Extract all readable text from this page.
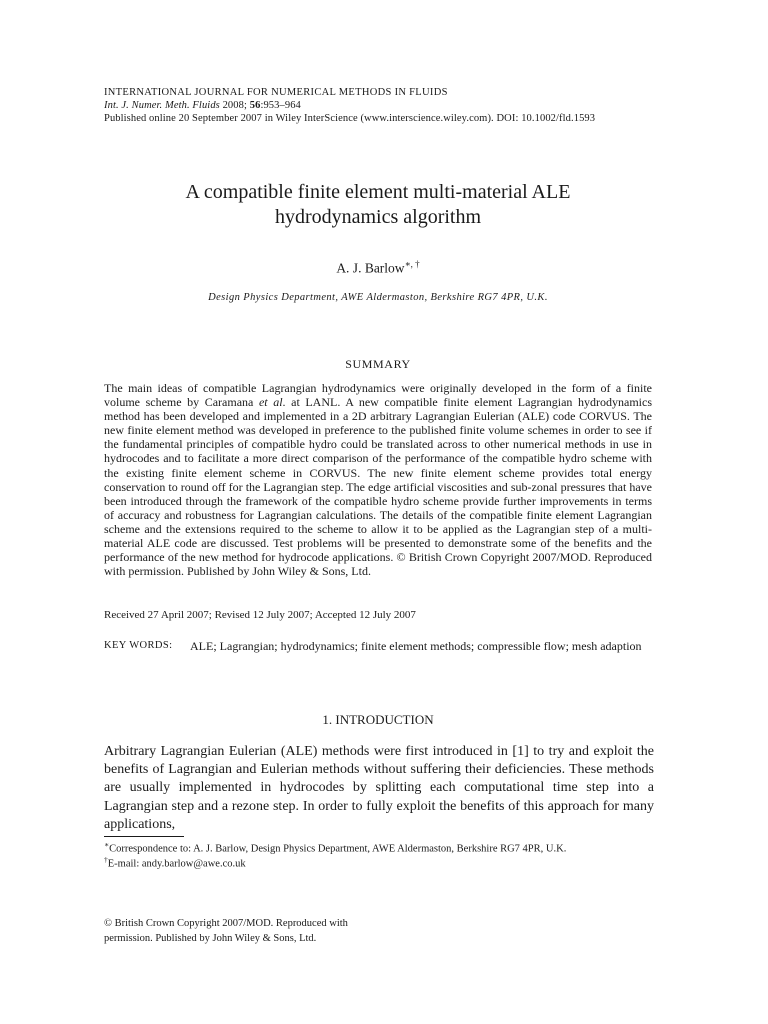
INTERNATIONAL JOURNAL FOR NUMERICAL METHODS IN FLUIDS
Int. J. Numer. Meth. Fluids 2008; 56:953–964
Published online 20 September 2007 in Wiley InterScience (www.interscience.wiley.com). DOI: 10.1002/fld.1593
A compatible finite element multi-material ALE
hydrodynamics algorithm
A. J. Barlow∗, †
Design Physics Department, AWE Aldermaston, Berkshire RG7 4PR, U.K.
SUMMARY

The main ideas of compatible Lagrangian hydrodynamics were originally developed in the form of a finite volume scheme by Caramana et al. at LANL. A new compatible finite element Lagrangian hydrodynamics method has been developed and implemented in a 2D arbitrary Lagrangian Eulerian (ALE) code CORVUS. The new finite element method was developed in preference to the published finite volume schemes in order to see if the fundamental principles of compatible hydro could be translated across to other numerical methods in use in hydrocodes and to facilitate a more direct comparison of the performance of the compatible hydro scheme with the existing finite element scheme in CORVUS. The new finite element scheme provides total energy conservation to round off for the Lagrangian step. The edge artificial viscosities and sub-zonal pressures that have been introduced through the framework of the compatible hydro scheme provide further improvements in terms of accuracy and robustness for Lagrangian calculations. The details of the compatible finite element Lagrangian scheme and the extensions required to the scheme to allow it to be applied as the Lagrangian step of a multi-material ALE code are discussed. Test problems will be presented to demonstrate some of the benefits and the performance of the new method for hydrocode applications. © British Crown Copyright 2007/MOD. Reproduced with permission. Published by John Wiley & Sons, Ltd.

Received 27 April 2007; Revised 12 July 2007; Accepted 12 July 2007
KEY WORDS:	ALE; Lagrangian; hydrodynamics; finite element methods; compressible flow; mesh adaption
1. INTRODUCTION

Arbitrary Lagrangian Eulerian (ALE) methods were first introduced in [1] to try and exploit the benefits of Lagrangian and Eulerian methods without suffering their deficiencies. These methods are usually implemented in hydrocodes by splitting each computational time step into a Lagrangian step and a rezone step. In order to fully exploit the benefits of this approach for many applications,

∗Correspondence to: A. J. Barlow, Design Physics Department, AWE Aldermaston, Berkshire RG7 4PR, U.K.
†E-mail: andy.barlow@awe.co.uk
© British Crown Copyright 2007/MOD. Reproduced with
permission. Published by John Wiley & Sons, Ltd.
